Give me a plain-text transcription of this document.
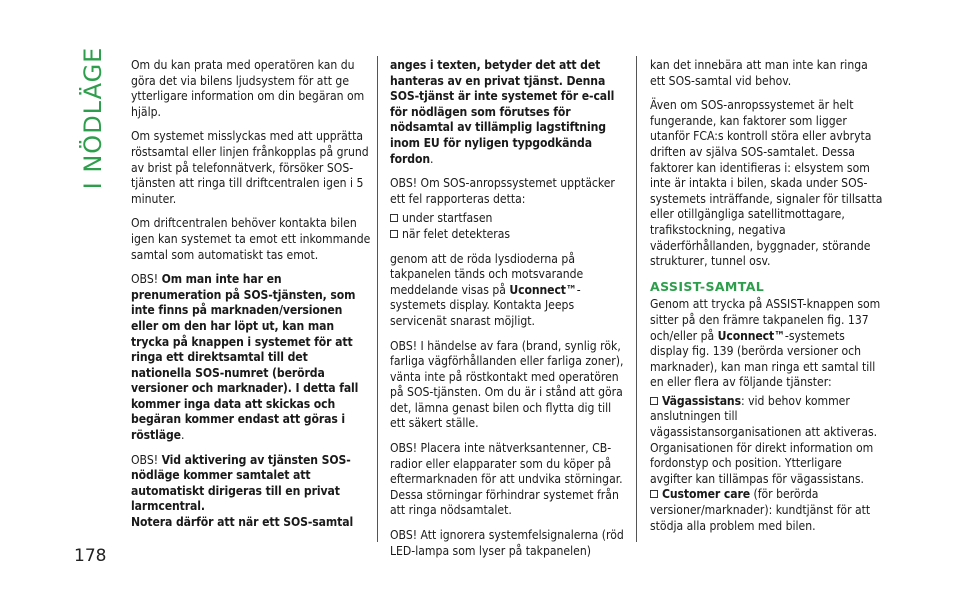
I NÖDLÄGE
178

Om du kan prata med operatören kan du göra det via bilens ljudsystem för att ge ytterligare information om din begäran om hjälp.

Om systemet misslyckas med att upprätta röstsamtal eller linjen frånkopplas på grund av brist på telefonnätverk, försöker SOS-tjänsten att ringa till driftcentralen igen i 5 minuter.

Om driftcentralen behöver kontakta bilen igen kan systemet ta emot ett inkommande samtal som automatiskt tas emot.

OBS! Om man inte har en prenumeration på SOS-tjänsten, som inte finns på marknaden/versionen eller om den har löpt ut, kan man trycka på knappen i systemet för att ringa ett direktsamtal till det nationella SOS-numret (berörda versioner och marknader). I detta fall kommer inga data att skickas och begäran kommer endast att göras i röstläge.

OBS! Vid aktivering av tjänsten SOS-nödläge kommer samtalet att automatiskt dirigeras till en privat larmcentral.
Notera därför att när ett SOS-samtal

anges i texten, betyder det att det hanteras av en privat tjänst. Denna SOS-tjänst är inte systemet för e-call för nödlägen som förutses för nödsamtal av tillämplig lagstiftning inom EU för nyligen typgodkända fordon.

OBS! Om SOS-anropssystemet upptäcker ett fel rapporteras detta:

under startfasen
när felet detekteras

genom att de röda lysdioderna på takpanelen tänds och motsvarande meddelande visas på Uconnect™-systemets display. Kontakta Jeeps servicenät snarast möjligt.

OBS! I händelse av fara (brand, synlig rök, farliga vägförhållanden eller farliga zoner), vänta inte på röstkontakt med operatören på SOS-tjänsten. Om du är i stånd att göra det, lämna genast bilen och flytta dig till ett säkert ställe.

OBS! Placera inte nätverksantenner, CB-radior eller elapparater som du köper på eftermarknaden för att undvika störningar. Dessa störningar förhindrar systemet från att ringa nödsamtalet.

OBS! Att ignorera systemfelsignalerna (röd LED-lampa som lyser på takpanelen)

kan det innebära att man inte kan ringa ett SOS-samtal vid behov.

Även om SOS-anropssystemet är helt fungerande, kan faktorer som ligger utanför FCA:s kontroll störa eller avbryta driften av själva SOS-samtalet. Dessa faktorer kan identifieras i: elsystem som inte är intakta i bilen, skada under SOS-systemets inträffande, signaler för tillsatta eller otillgängliga satellitmottagare, trafikstockning, negativa väderförhållanden, byggnader, störande strukturer, tunnel osv.

ASSIST-SAMTAL

Genom att trycka på ASSIST-knappen som sitter på den främre takpanelen fig. 137 och/eller på Uconnect™-systemets display fig. 139 (berörda versioner och marknader), kan man ringa ett samtal till en eller flera av följande tjänster:

Vägassistans: vid behov kommer anslutningen till vägassistansorganisationen att aktiveras. Organisationen för direkt information om fordonstyp och position. Ytterligare avgifter kan tillämpas för vägassistans.
Customer care (för berörda versioner/marknader): kundtjänst för att stödja alla problem med bilen.
